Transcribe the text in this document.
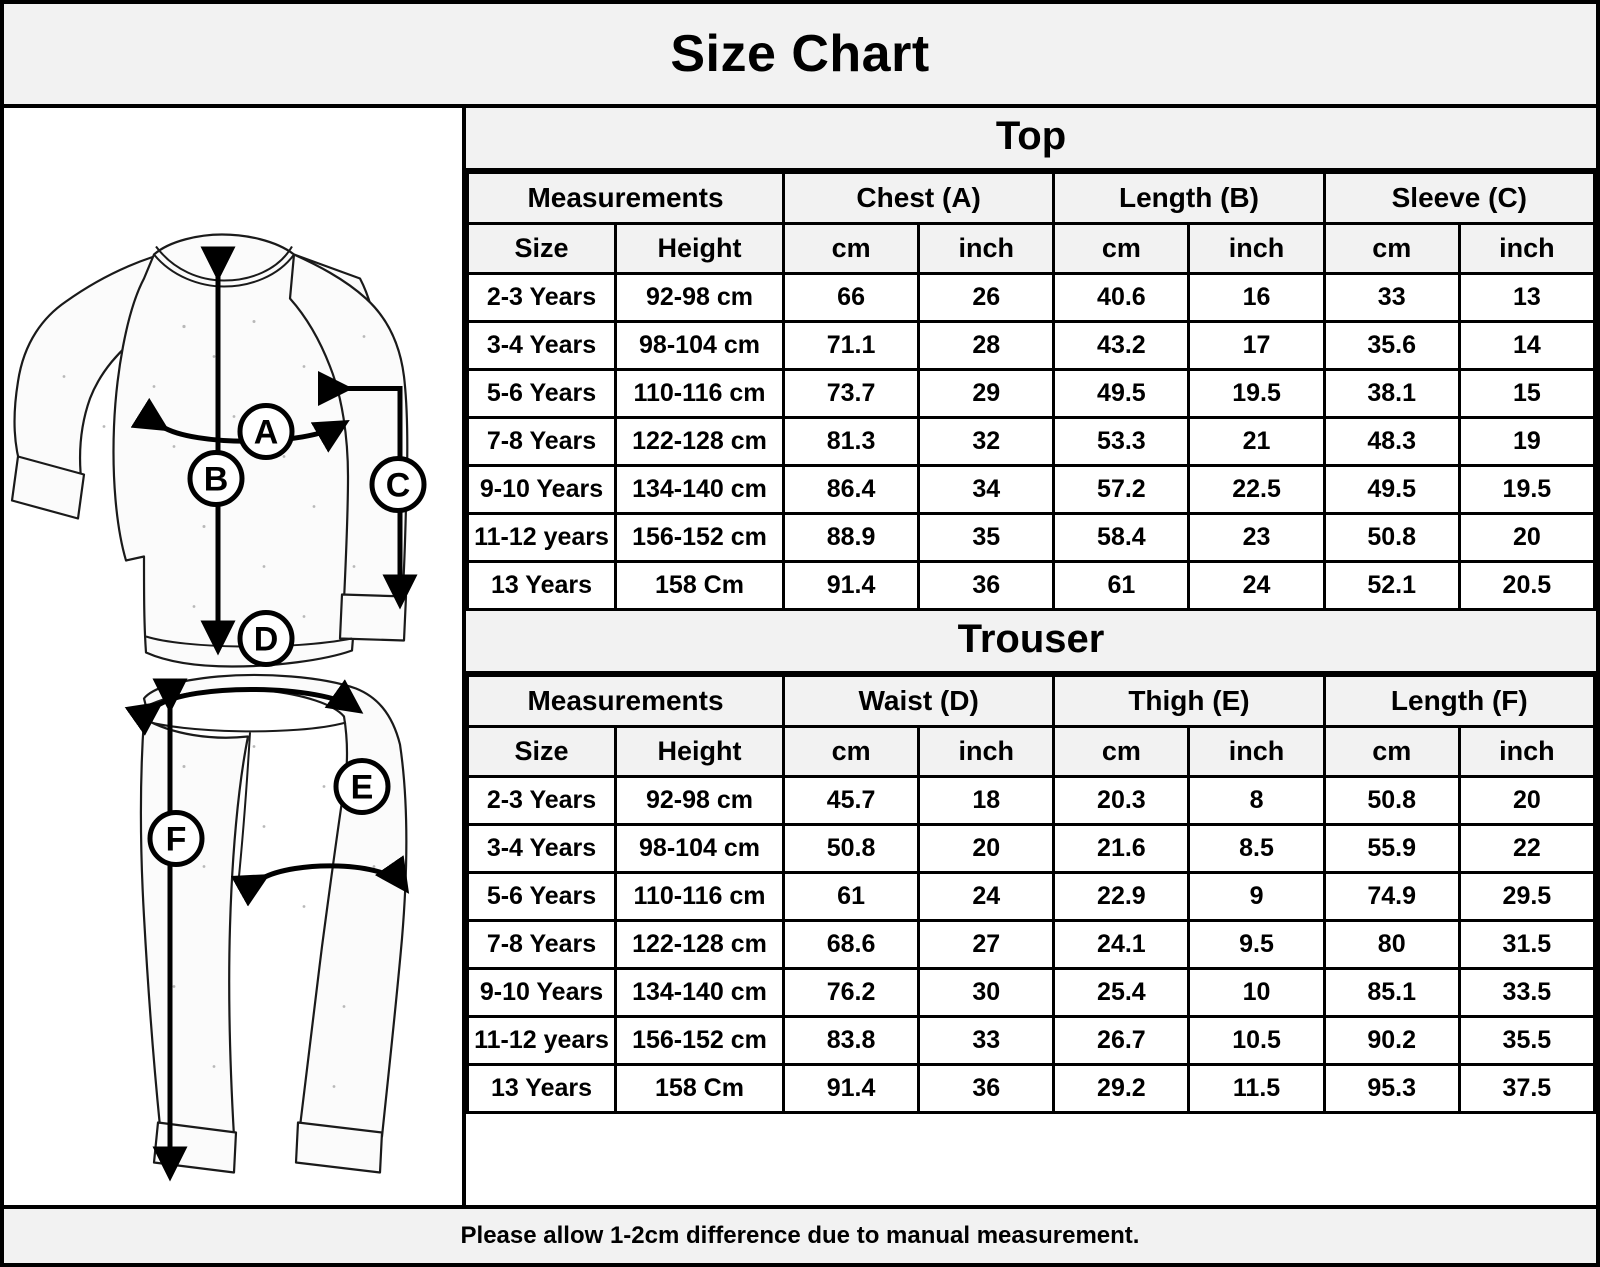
Size Chart
A
B	C
D
E
F
Top
Measurements		Chest (A)		Length (B)		Sleeve (C)	
Size	Height	cm	inch	cm	inch	cm	inch
2-3 Years	92-98 cm	66	26	40.6	16	33	13
3-4 Years	98-104 cm	71.1	28	43.2	17	35.6	14
5-6 Years	110-116 cm	73.7	29	49.5	19.5	38.1	15
7-8 Years	122-128 cm	81.3	32	53.3	21	48.3	19
9-10 Years	134-140 cm	86.4	34	57.2	22.5	49.5	19.5
11-12 years	156-152 cm	88.9	35	58.4	23	50.8	20
13 Years	158 Cm	91.4	36	61	24	52.1	20.5
Trouser
Measurements		Waist (D)		Thigh (E)		Length (F)	
Size	Height	cm	inch	cm	inch	cm	inch
2-3 Years	92-98 cm	45.7	18	20.3	8	50.8	20
3-4 Years	98-104 cm	50.8	20	21.6	8.5	55.9	22
5-6 Years	110-116 cm	61	24	22.9	9	74.9	29.5
7-8 Years	122-128 cm	68.6	27	24.1	9.5	80	31.5
9-10 Years	134-140 cm	76.2	30	25.4	10	85.1	33.5
11-12 years	156-152 cm	83.8	33	26.7	10.5	90.2	35.5
13 Years	158 Cm	91.4	36	29.2	11.5	95.3	37.5
Please allow 1-2cm difference due to manual measurement.
